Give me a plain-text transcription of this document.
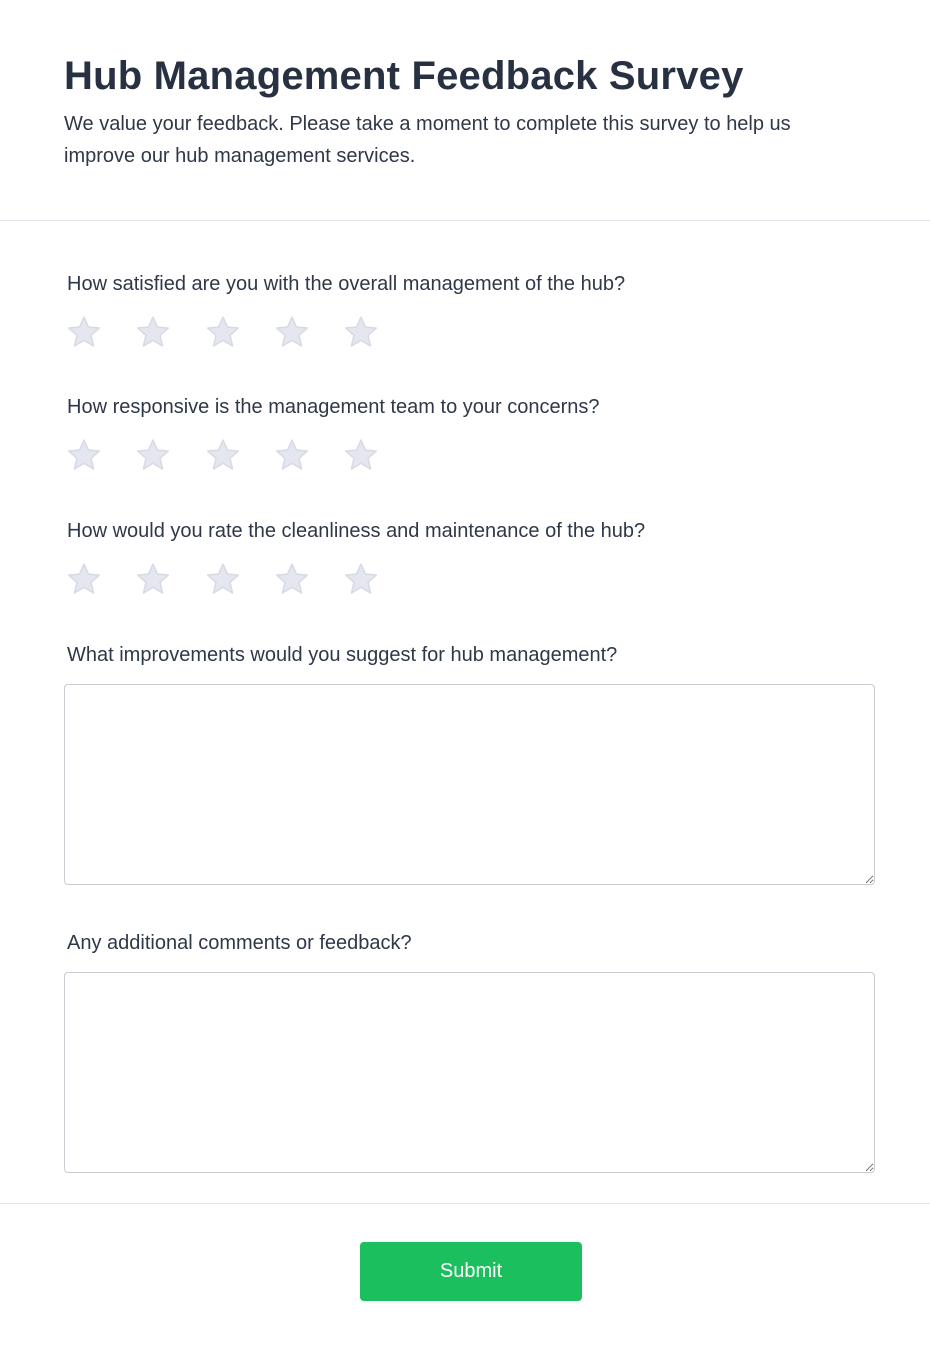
Hub Management Feedback Survey

We value your feedback. Please take a moment to complete this survey to help us improve our hub management services.

How satisfied are you with the overall management of the hub?

How responsive is the management team to your concerns?

How would you rate the cleanliness and maintenance of the hub?

What improvements would you suggest for hub management?

Any additional comments or feedback?

Submit
